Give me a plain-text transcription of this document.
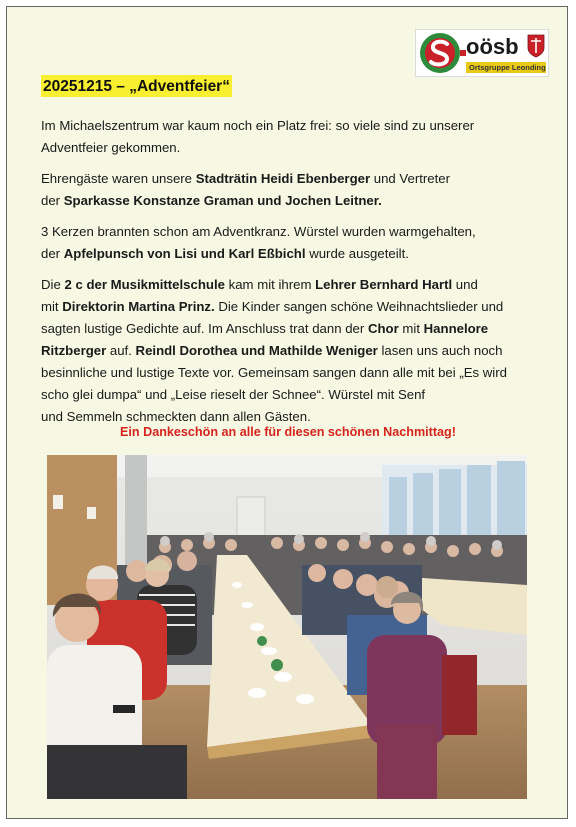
oösb
Ortsgruppe Leonding
20251215 – „Adventfeier“

Im Michaelszentrum war kaum noch ein Platz frei: so viele sind zu unserer
Adventfeier gekommen.

Ehrengäste waren unsere Stadträtin Heidi Ebenberger und Vertreter
der Sparkasse Konstanze Graman und Jochen Leitner.

3 Kerzen brannten schon am Adventkranz. Würstel wurden warmgehalten,
der Apfelpunsch von Lisi und Karl Eßbichl wurde ausgeteilt.

Die 2 c der Musikmittelschule kam mit ihrem Lehrer Bernhard Hartl und
mit Direktorin Martina Prinz. Die Kinder sangen schöne Weihnachtslieder und
sagten lustige Gedichte auf. Im Anschluss trat dann der Chor mit Hannelore
Ritzberger auf. Reindl Dorothea und Mathilde Weniger lasen uns auch noch
besinnliche und lustige Texte vor. Gemeinsam sangen dann alle mit bei „Es wird
scho glei dumpa“ und „Leise rieselt der Schnee“. Würstel mit Senf
und Semmeln schmeckten dann allen Gästen.

Ein Dankeschön an alle für diesen schönen Nachmittag!
